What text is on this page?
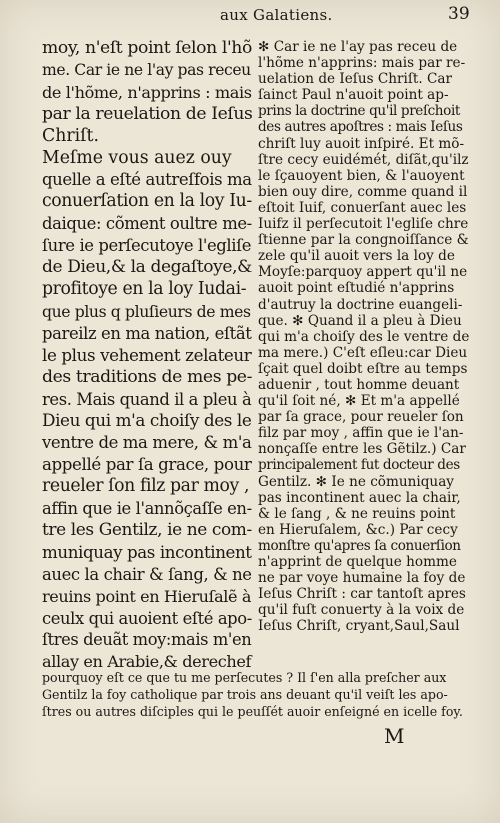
aux Galatiens.	39
moy, n'eſt point ſelon l'hõ
me. Car ie ne l'ay pas receu
de l'hõme, n'apprins : mais
par la reuelation de Ieſus
Chriſt.
Meſme vous auez ouy
quelle a eſté autreſfois ma
conuerſation en la loy Iu-
daique: cõment oultre me-
ſure ie perſecutoye l'egliſe
de Dieu,& la degaſtoye,&
profitoye en la loy Iudai-
que plus q pluſieurs de mes
pareilz en ma nation, eſtãt
le plus vehement zelateur
des traditions de mes pe-
res. Mais quand il a pleu à
Dieu qui m'a choiſy des le
ventre de ma mere, & m'a
appellé par ſa grace, pour
reueler ſon filz par moy ,
affin que ie l'annõçaſſe en-
tre les Gentilz, ie ne com-
muniquay pas incontinent
auec la chair & ſang, & ne
reuins point en Hieruſalẽ à
ceulx qui auoient eſté apo-
ſtres deuãt moy:mais m'en
allay en Arabie,& derechef
✻ Car ie ne l'ay pas receu de
l'hõme n'apprins: mais par re-
uelation de Ieſus Chriſt. Car
ſainct Paul n'auoit point ap-
prins la doctrine qu'il preſchoit
des autres apoſtres : mais Ieſus
chriſt luy auoit inſpiré. Et mõ-
ſtre cecy euidémét, diſãt,qu'ilz
le ſçauoyent bien, & l'auoyent
bien ouy dire, comme quand il
eſtoit Iuif, conuerſant auec les
Iuifz il perſecutoit l'egliſe chre
ſtienne par la congnoiſſance &
zele qu'il auoit vers la loy de
Moyſe:parquoy appert qu'il ne
auoit point eſtudié n'apprins
d'autruy la doctrine euangeli-
que. ✻ Quand il a pleu à Dieu
qui m'a choiſy des le ventre de
ma mere.) C'eſt eſleu:car Dieu
ſçait quel doibt eſtre au temps
aduenir , tout homme deuant
qu'il ſoit né, ✻ Et m'a appellé
par ſa grace, pour reueler ſon
filz par moy , affin que ie l'an-
nonçaſſe entre les Gẽtilz.) Car
principalement fut docteur des
Gentilz. ✻ Ie ne cõmuniquay
pas incontinent auec la chair,
& le ſang , & ne reuins point
en Hieruſalem, &c.) Par cecy
monſtre qu'apres ſa conuerſion
n'apprint de quelque homme
ne par voye humaine la foy de
Ieſus Chriſt : car tantoſt apres
qu'il fuſt conuerty à la voix de
Ieſus Chriſt, cryant,Saul,Saul
pourquoy eſt ce que tu me perſecutes ? Il ſ'en alla preſcher aux
Gentilz la foy catholique par trois ans deuant qu'il veiſt les apo-
ſtres ou autres diſciples qui le peuſſét auoir enſeigné en icelle foy.
M
